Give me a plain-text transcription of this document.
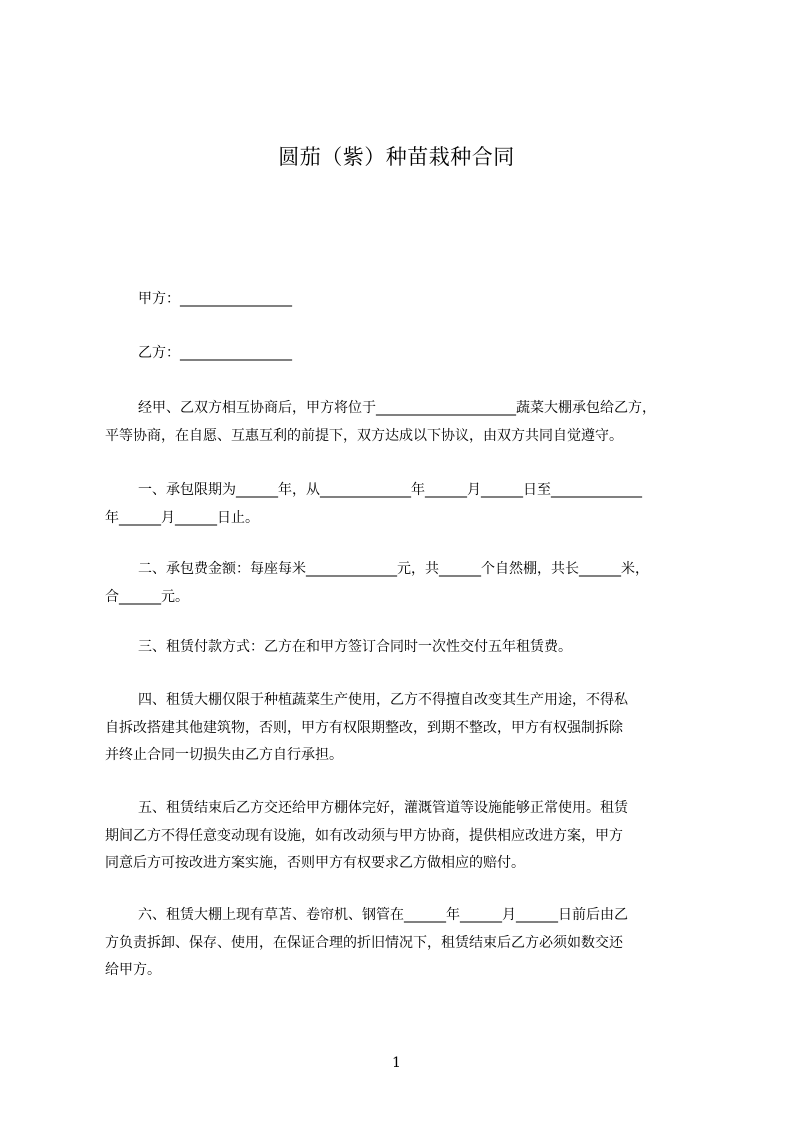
圆茄（紫）种苗栽种合同
甲方：________________
乙方：________________
经甲、乙双方相互协商后，甲方将位于____________________蔬菜大棚承包给乙方，
平等协商，在自愿、互惠互利的前提下，双方达成以下协议，由双方共同自觉遵守。
一、承包限期为______年，从_____________年______月______日至_____________
年______月______日止。
二、承包费金额：每座每米_____________元，共______个自然棚，共长______米，
合______元。
三、租赁付款方式：乙方在和甲方签订合同时一次性交付五年租赁费。
四、租赁大棚仅限于种植蔬菜生产使用，乙方不得擅自改变其生产用途，不得私
自拆改搭建其他建筑物，否则，甲方有权限期整改，到期不整改，甲方有权强制拆除
并终止合同一切损失由乙方自行承担。
五、租赁结束后乙方交还给甲方棚体完好，灌溉管道等设施能够正常使用。租赁
期间乙方不得任意变动现有设施，如有改动须与甲方协商，提供相应改进方案，甲方
同意后方可按改进方案实施，否则甲方有权要求乙方做相应的赔付。
六、租赁大棚上现有草苫、卷帘机、钢管在______年______月______日前后由乙
方负责拆卸、保存、使用，在保证合理的折旧情况下，租赁结束后乙方必须如数交还
给甲方。
1
